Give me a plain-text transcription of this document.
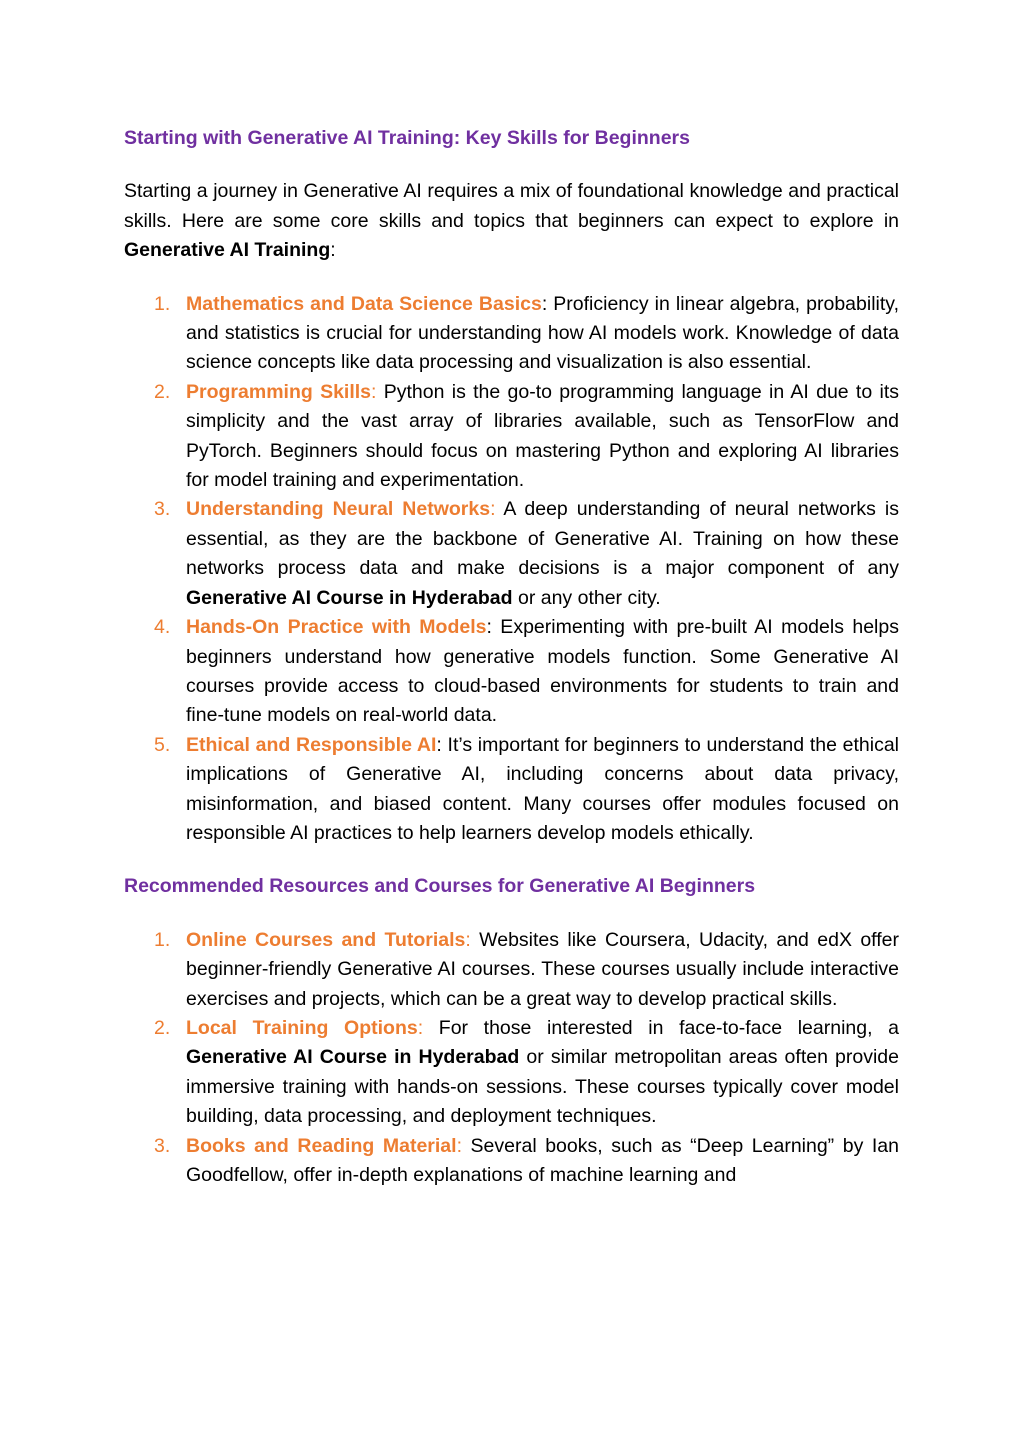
Starting with Generative AI Training: Key Skills for Beginners

Starting a journey in Generative AI requires a mix of foundational knowledge and practical skills. Here are some core skills and topics that beginners can expect to explore in Generative AI Training:

1. Mathematics and Data Science Basics: Proficiency in linear algebra, probability, and statistics is crucial for understanding how AI models work. Knowledge of data science concepts like data processing and visualization is also essential.
2. Programming Skills: Python is the go-to programming language in AI due to its simplicity and the vast array of libraries available, such as TensorFlow and PyTorch. Beginners should focus on mastering Python and exploring AI libraries for model training and experimentation.
3. Understanding Neural Networks: A deep understanding of neural networks is essential, as they are the backbone of Generative AI. Training on how these networks process data and make decisions is a major component of any Generative AI Course in Hyderabad or any other city.
4. Hands-On Practice with Models: Experimenting with pre-built AI models helps beginners understand how generative models function. Some Generative AI courses provide access to cloud-based environments for students to train and fine-tune models on real-world data.
5. Ethical and Responsible AI: It’s important for beginners to understand the ethical implications of Generative AI, including concerns about data privacy, misinformation, and biased content. Many courses offer modules focused on responsible AI practices to help learners develop models ethically.

Recommended Resources and Courses for Generative AI Beginners

1. Online Courses and Tutorials: Websites like Coursera, Udacity, and edX offer beginner-friendly Generative AI courses. These courses usually include interactive exercises and projects, which can be a great way to develop practical skills.
2. Local Training Options: For those interested in face-to-face learning, a Generative AI Course in Hyderabad or similar metropolitan areas often provide immersive training with hands-on sessions. These courses typically cover model building, data processing, and deployment techniques.
3. Books and Reading Material: Several books, such as “Deep Learning” by Ian Goodfellow, offer in-depth explanations of machine learning and
